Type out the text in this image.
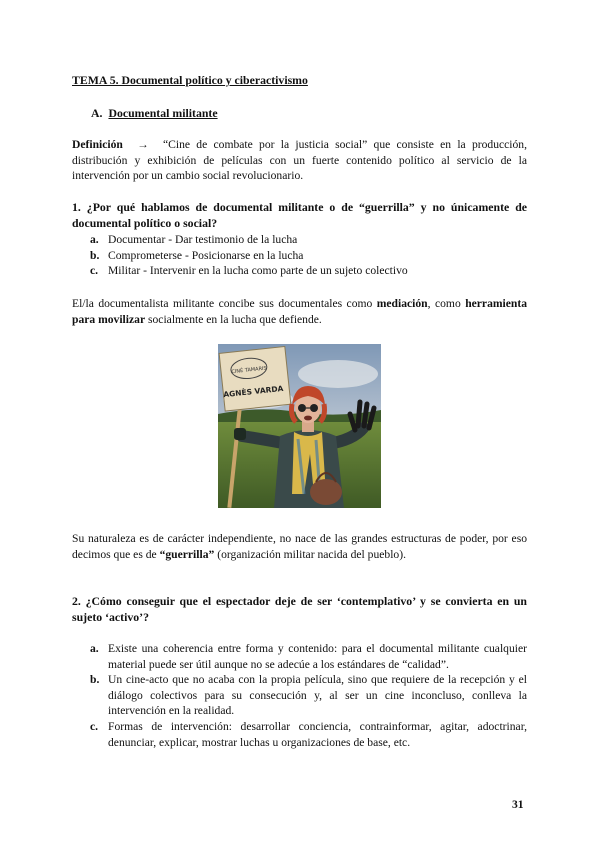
TEMA 5. Documental político y ciberactivismo
A. Documental militante
Definición → “Cine de combate por la justicia social” que consiste en la producción, distribución y exhibición de películas con un fuerte contenido político al servicio de la intervención por un cambio social revolucionario.
1. ¿Por qué hablamos de documental militante o de “guerrilla” y no únicamente de documental político o social?
a. Documentar - Dar testimonio de la lucha
b. Comprometerse - Posicionarse en la lucha
c. Militar - Intervenir en la lucha como parte de un sujeto colectivo
El/la documentalista militante concibe sus documentales como mediación, como herramienta para movilizar socialmente en la lucha que defiende.
CINÉ TAMARIS
AGNÈS VARDA
Su naturaleza es de carácter independiente, no nace de las grandes estructuras de poder, por eso decimos que es de “guerrilla” (organización militar nacida del pueblo).
2. ¿Cómo conseguir que el espectador deje de ser ‘contemplativo’ y se convierta en un sujeto ‘activo’?
a. Existe una coherencia entre forma y contenido: para el documental militante cualquier material puede ser útil aunque no se adecúe a los estándares de “calidad”.
b. Un cine-acto que no acaba con la propia película, sino que requiere de la recepción y el diálogo colectivos para su consecución y, al ser un cine inconcluso, conlleva la intervención en la realidad.
c. Formas de intervención: desarrollar conciencia, contrainformar, agitar, adoctrinar, denunciar, explicar, mostrar luchas u organizaciones de base, etc.
31
